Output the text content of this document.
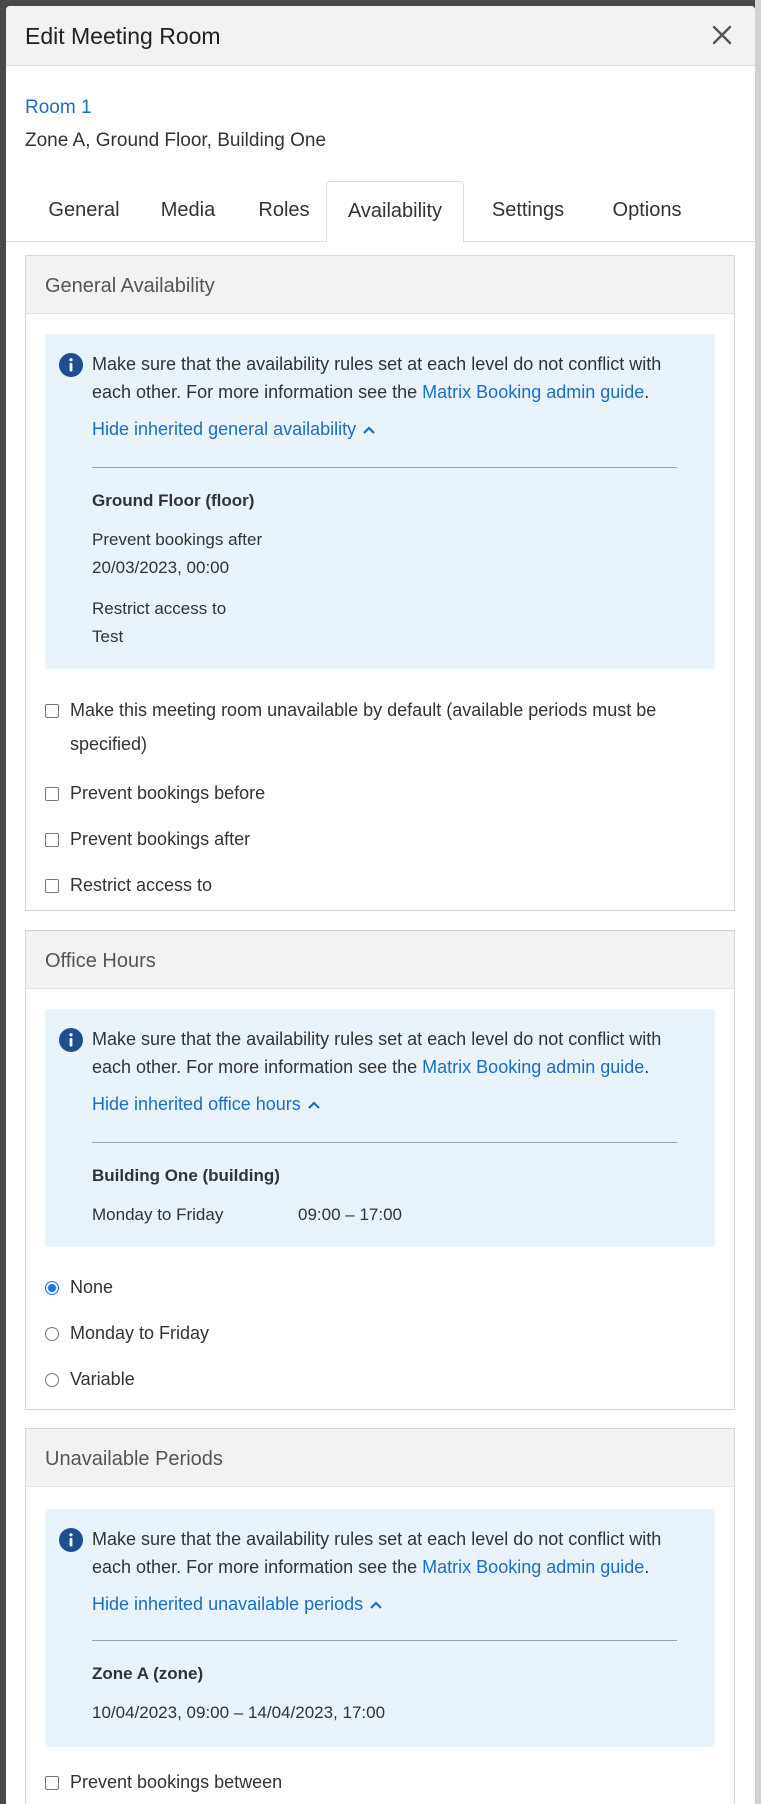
Edit Meeting Room
Room 1
Zone A, Ground Floor, Building One
General	Media	Roles	Availability	Settings	Options
General Availability
Make sure that the availability rules set at each level do not conflict with each other. For more information see the Matrix Booking admin guide.
Hide inherited general availability
Ground Floor (floor)
Prevent bookings after
20/03/2023, 00:00
Restrict access to
Test
Make this meeting room unavailable by default (available periods must be specified)
Prevent bookings before
Prevent bookings after
Restrict access to
Office Hours
Make sure that the availability rules set at each level do not conflict with each other. For more information see the Matrix Booking admin guide.
Hide inherited office hours
Building One (building)
Monday to Friday	09:00 – 17:00
None
Monday to Friday
Variable
Unavailable Periods
Make sure that the availability rules set at each level do not conflict with each other. For more information see the Matrix Booking admin guide.
Hide inherited unavailable periods
Zone A (zone)
10/04/2023, 09:00 – 14/04/2023, 17:00
Prevent bookings between
